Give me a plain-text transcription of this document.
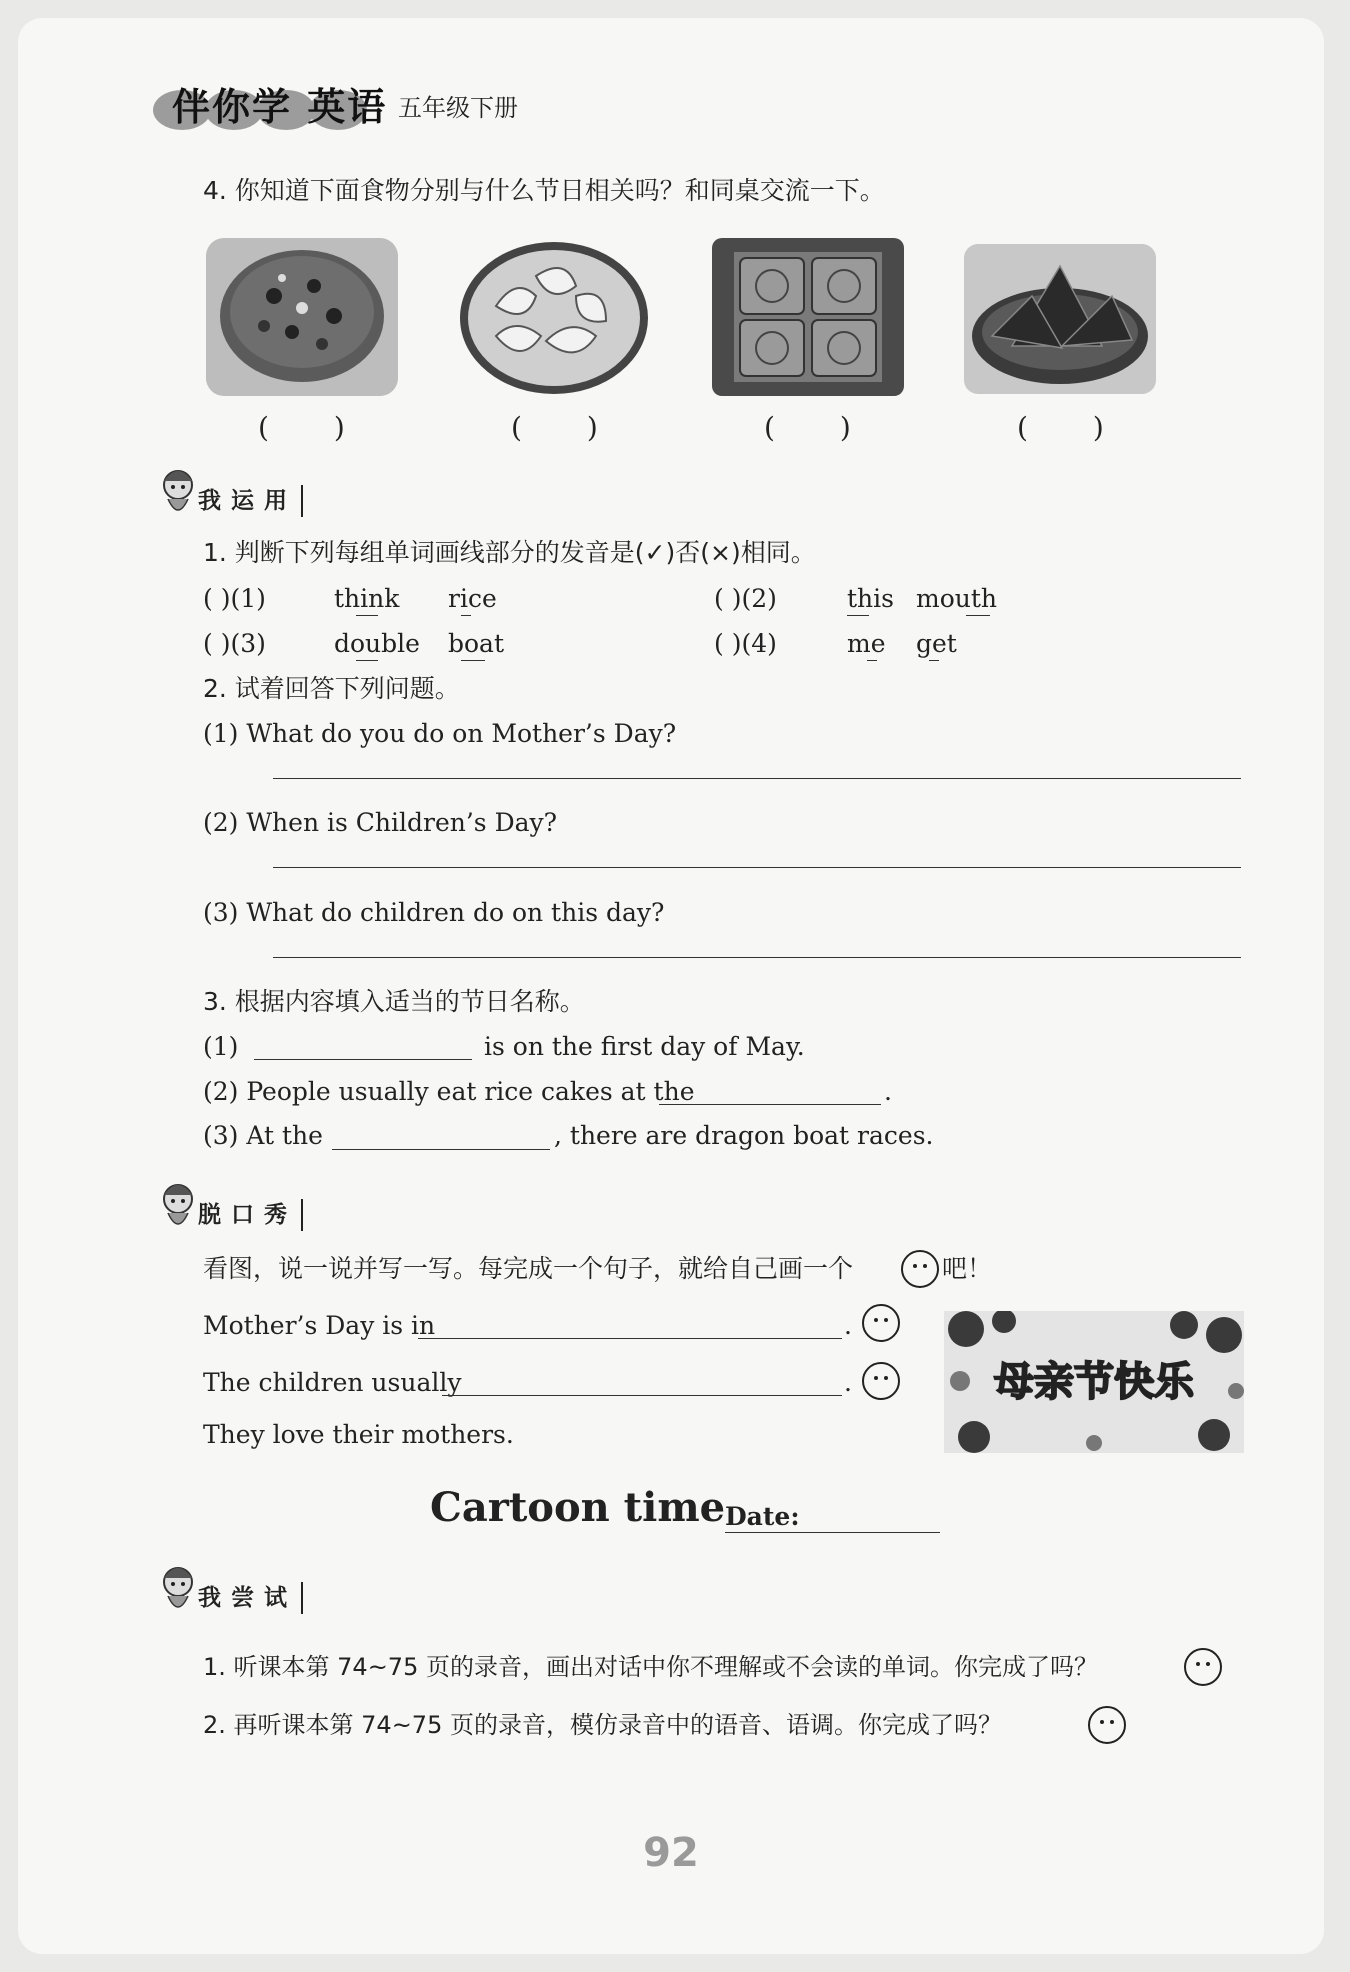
伴你学 英语 五年级下册
4. 你知道下面食物分别与什么节日相关吗？和同桌交流一下。
( )	( )	( )	( )
我运用
1. 判断下列每组单词画线部分的发音是(✓)否(×)相同。
( )(1)	think rice	( )(2)	this mouth
( )(3)	double boat	( )(4)	me get
2. 试着回答下列问题。
(1) What do you do on Mother’s Day?
(2) When is Children’s Day?
(3) What do children do on this day?
3. 根据内容填入适当的节日名称。
(1)	is on the first day of May.
(2) People usually eat rice cakes at the	.
(3) At the	, there are dragon boat races.
脱口秀
看图，说一说并写一写。每完成一个句子，就给自己画一个	吧！
Mother’s Day is in	.
The children usually	.
They love their mothers.
母亲节快乐
Cartoon time Date:
我尝试
1. 听课本第 74~75 页的录音，画出对话中你不理解或不会读的单词。你完成了吗？
2. 再听课本第 74~75 页的录音，模仿录音中的语音、语调。你完成了吗？
92
